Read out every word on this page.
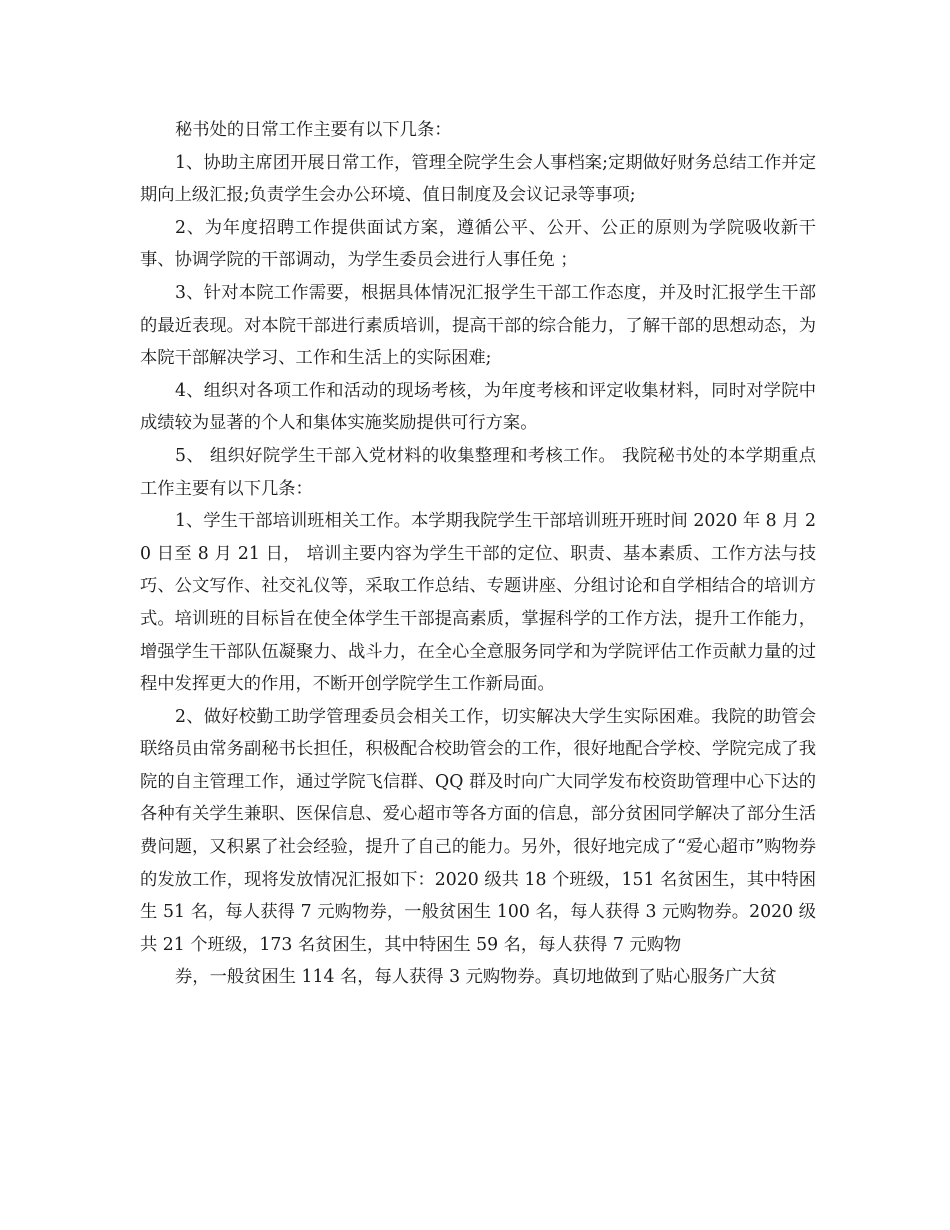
秘书处的日常工作主要有以下几条：

1、协助主席团开展日常工作，管理全院学生会人事档案;定期做好财务总结工作并定期向上级汇报;负责学生会办公环境、值日制度及会议记录等事项;

2、为年度招聘工作提供面试方案，遵循公平、公开、公正的原则为学院吸收新干事、协调学院的干部调动，为学生委员会进行人事任免 ；

3、针对本院工作需要，根据具体情况汇报学生干部工作态度，并及时汇报学生干部的最近表现。对本院干部进行素质培训，提高干部的综合能力，了解干部的思想动态，为本院干部解决学习、工作和生活上的实际困难;

4、组织对各项工作和活动的现场考核，为年度考核和评定收集材料，同时对学院中成绩较为显著的个人和集体实施奖励提供可行方案。

5、 组织好院学生干部入党材料的收集整理和考核工作。 我院秘书处的本学期重点工作主要有以下几条：

1、学生干部培训班相关工作。本学期我院学生干部培训班开班时间 2020 年 8 月 20 日至 8 月 21 日， 培训主要内容为学生干部的定位、职责、基本素质、工作方法与技巧、公文写作、社交礼仪等，采取工作总结、专题讲座、分组讨论和自学相结合的培训方式。培训班的目标旨在使全体学生干部提高素质，掌握科学的工作方法，提升工作能力，增强学生干部队伍凝聚力、战斗力，在全心全意服务同学和为学院评估工作贡献力量的过程中发挥更大的作用，不断开创学院学生工作新局面。

2、做好校勤工助学管理委员会相关工作，切实解决大学生实际困难。我院的助管会联络员由常务副秘书长担任，积极配合校助管会的工作，很好地配合学校、学院完成了我院的自主管理工作，通过学院飞信群、QQ 群及时向广大同学发布校资助管理中心下达的各种有关学生兼职、医保信息、爱心超市等各方面的信息，部分贫困同学解决了部分生活费问题，又积累了社会经验，提升了自己的能力。另外，很好地完成了“爱心超市”购物券的发放工作，现将发放情况汇报如下：2020 级共 18 个班级，151 名贫困生，其中特困生 51 名，每人获得 7 元购物券，一般贫困生 100 名，每人获得 3 元购物券。2020 级共 21 个班级，173 名贫困生，其中特困生 59 名，每人获得 7 元购物

券，一般贫困生 114 名，每人获得 3 元购物券。真切地做到了贴心服务广大贫
